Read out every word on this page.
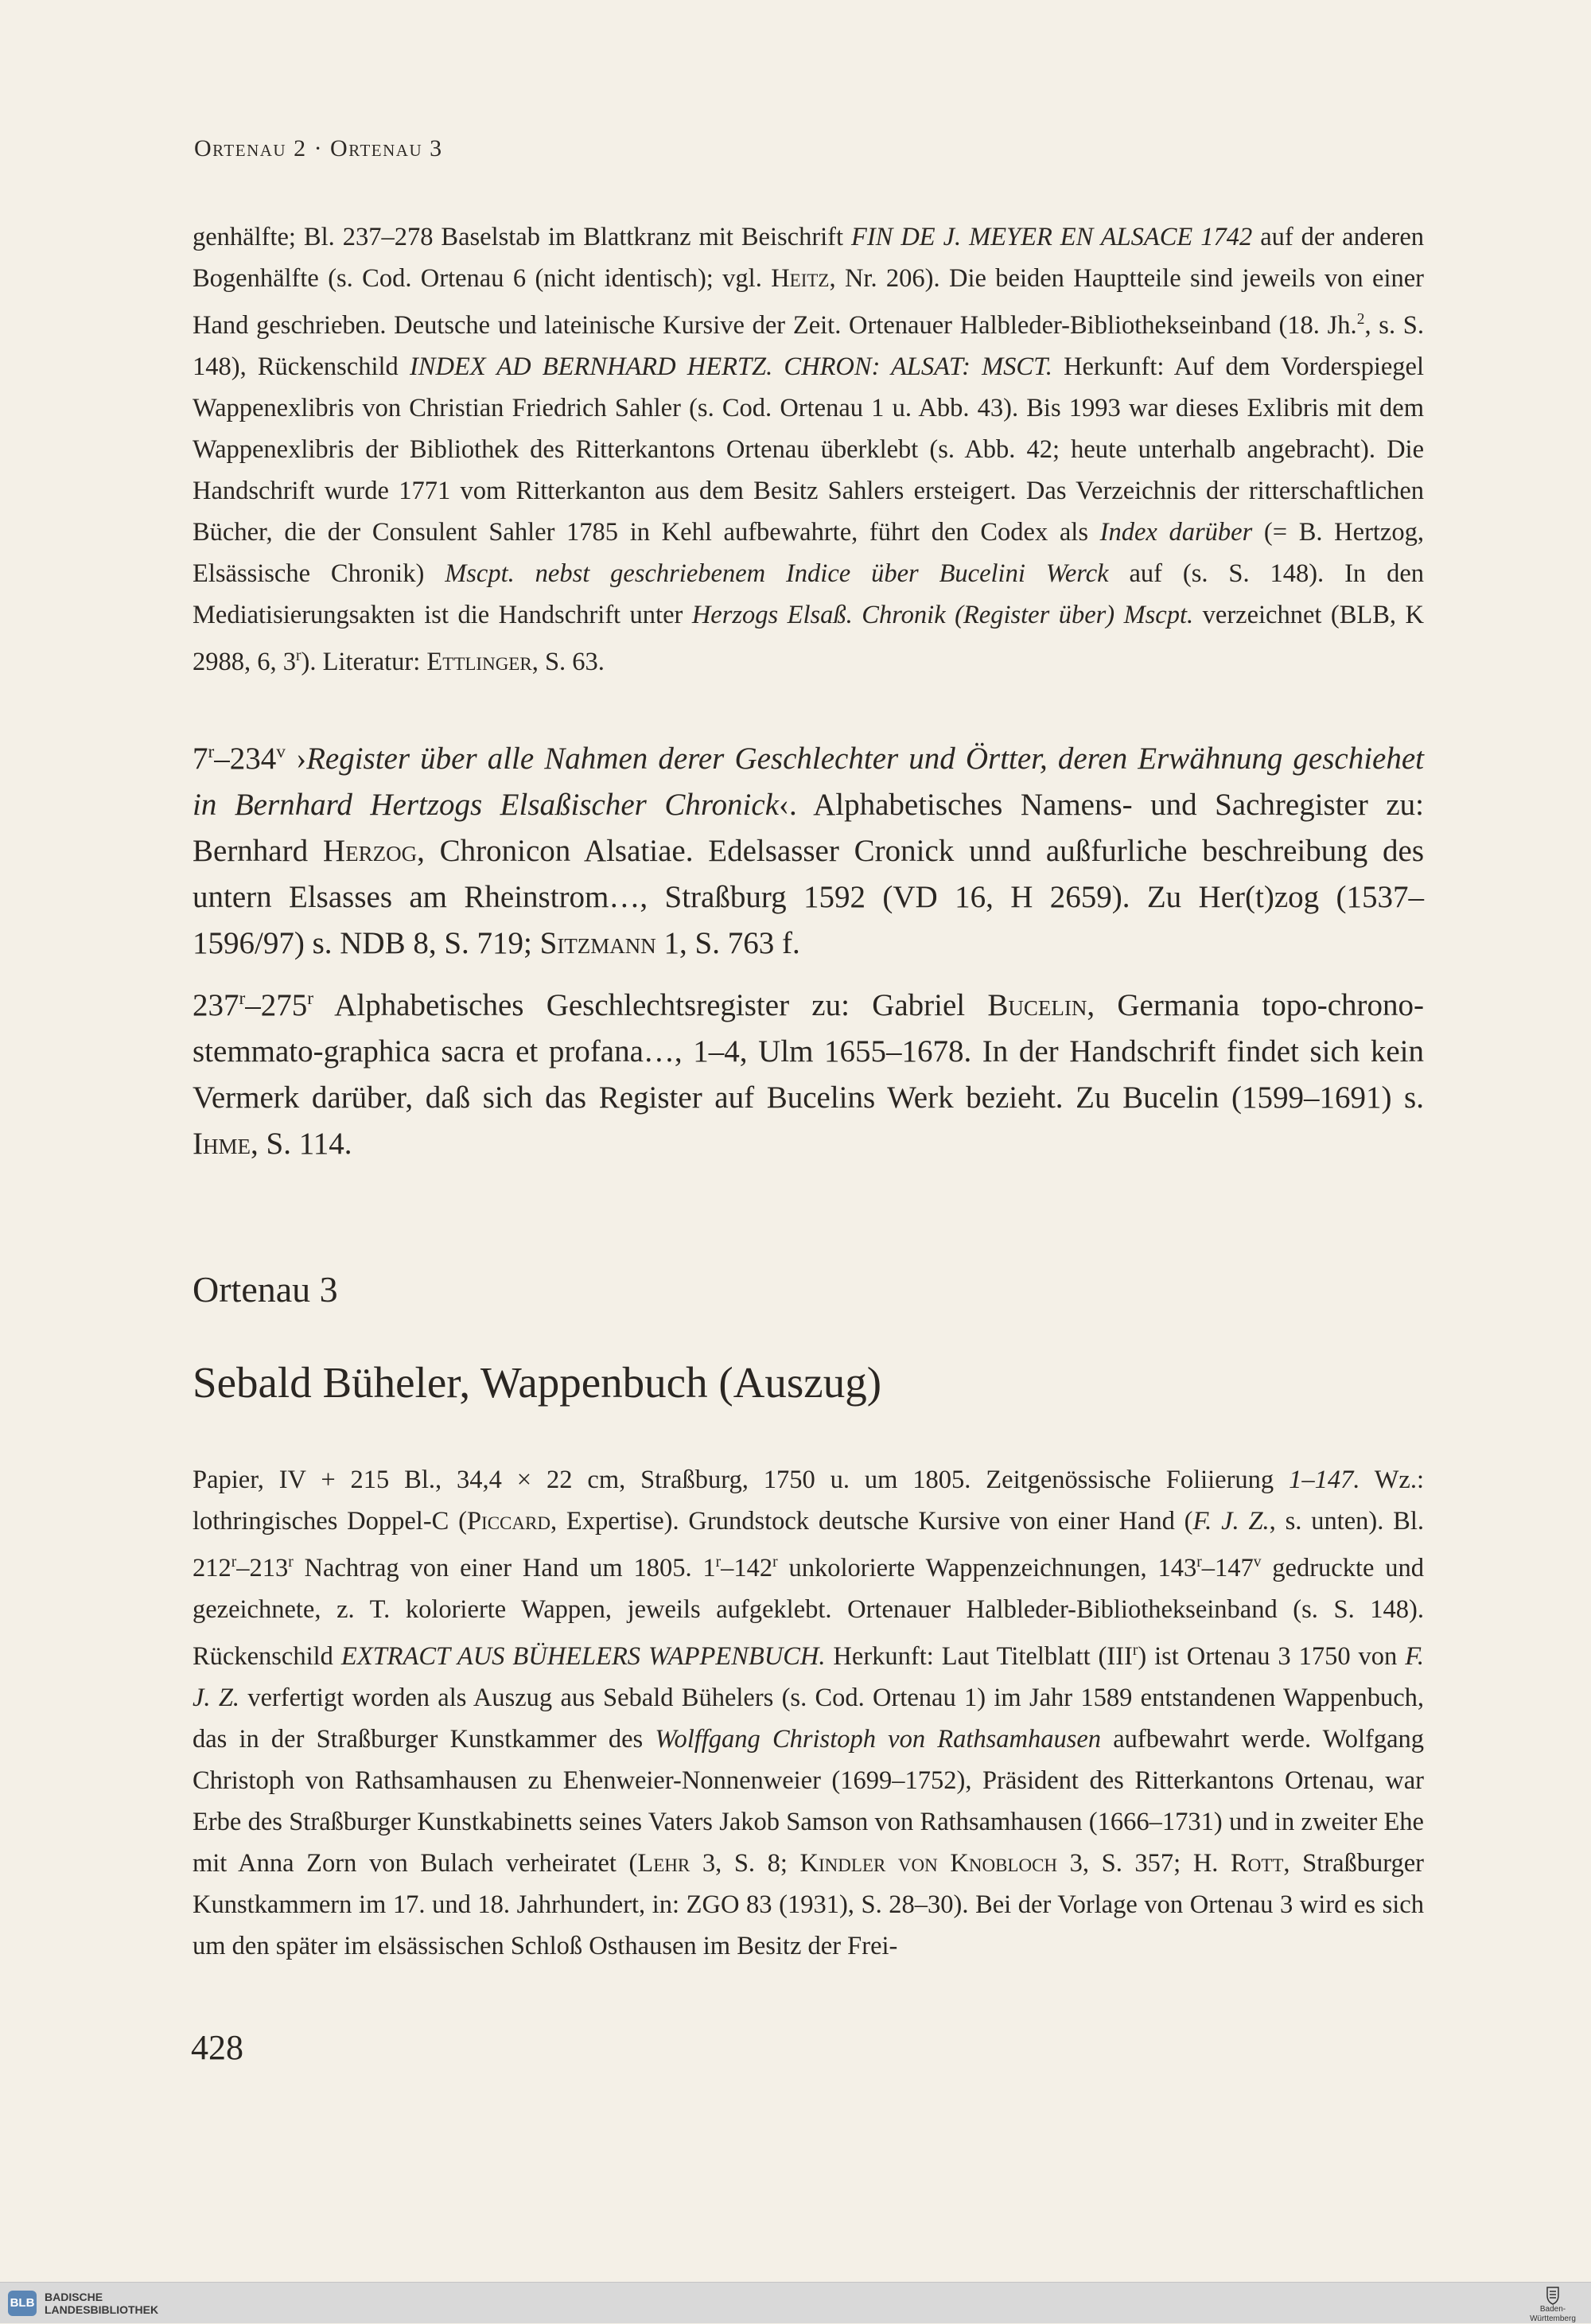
Ortenau 2 · Ortenau 3

genhälfte; Bl. 237–278 Baselstab im Blattkranz mit Beischrift FIN DE J. MEYER EN ALSACE 1742 auf der anderen Bogenhälfte (s. Cod. Ortenau 6 (nicht identisch); vgl. Heitz, Nr. 206). Die beiden Hauptteile sind jeweils von einer Hand geschrieben. Deutsche und lateinische Kursive der Zeit. Ortenauer Halbleder-Bibliothekseinband (18. Jh.$^2$, s. S. 148), Rückenschild INDEX AD BERNHARD HERTZ. CHRON: ALSAT: MSCT. Herkunft: Auf dem Vorderspiegel Wappenexlibris von Christian Friedrich Sahler (s. Cod. Ortenau 1 u. Abb. 43). Bis 1993 war dieses Exlibris mit dem Wappenexlibris der Bibliothek des Ritterkantons Ortenau überklebt (s. Abb. 42; heute unterhalb angebracht). Die Handschrift wurde 1771 vom Ritterkanton aus dem Besitz Sahlers ersteigert. Das Verzeichnis der ritterschaftlichen Bücher, die der Consulent Sahler 1785 in Kehl aufbewahrte, führt den Codex als Index darüber (= B. Hertzog, Elsässische Chronik) Mscpt. nebst geschriebenem Indice über Bucelini Werck auf (s. S. 148). In den Mediatisierungsakten ist die Handschrift unter Herzogs Elsaß. Chronik (Register über) Mscpt. verzeichnet (BLB, K 2988, 6, 3$^r$). Literatur: Ettlinger, S. 63.

7$^r$–234$^v$ ›Register über alle Nahmen derer Geschlechter und Örtter, deren Erwähnung geschiehet in Bernhard Hertzogs Elsaßischer Chronick‹. Alphabetisches Namens- und Sachregister zu: Bernhard Herzog, Chronicon Alsatiae. Edelsasser Cronick unnd außfurliche beschreibung des untern Elsasses am Rheinstrom…, Straßburg 1592 (VD 16, H 2659). Zu Her(t)zog (1537–1596/97) s. NDB 8, S. 719; Sitzmann 1, S. 763 f.

237$^r$–275$^r$ Alphabetisches Geschlechtsregister zu: Gabriel Bucelin, Germania topo-chrono-stemmato-graphica sacra et profana…, 1–4, Ulm 1655–1678. In der Handschrift findet sich kein Vermerk darüber, daß sich das Register auf Bucelins Werk bezieht. Zu Bucelin (1599–1691) s. Ihme, S. 114.

Ortenau 3
Sebald Büheler, Wappenbuch (Auszug)

Papier, IV + 215 Bl., 34,4 × 22 cm, Straßburg, 1750 u. um 1805. Zeitgenössische Foliierung 1–147. Wz.: lothringisches Doppel-C (Piccard, Expertise). Grundstock deutsche Kursive von einer Hand (F. J. Z., s. unten). Bl. 212$^r$–213$^r$ Nachtrag von einer Hand um 1805. 1$^r$–142$^r$ unkolorierte Wappenzeichnungen, 143$^r$–147$^v$ gedruckte und gezeichnete, z. T. kolorierte Wappen, jeweils aufgeklebt. Ortenauer Halbleder-Bibliothekseinband (s. S. 148). Rückenschild EXTRACT AUS BÜHELERS WAPPENBUCH. Herkunft: Laut Titelblatt (III$^r$) ist Ortenau 3 1750 von F. J. Z. verfertigt worden als Auszug aus Sebald Bühelers (s. Cod. Ortenau 1) im Jahr 1589 entstandenen Wappenbuch, das in der Straßburger Kunstkammer des Wolffgang Christoph von Rathsamhausen aufbewahrt werde. Wolfgang Christoph von Rathsamhausen zu Ehenweier-Nonnenweier (1699–1752), Präsident des Ritterkantons Ortenau, war Erbe des Straßburger Kunstkabinetts seines Vaters Jakob Samson von Rathsamhausen (1666–1731) und in zweiter Ehe mit Anna Zorn von Bulach verheiratet (Lehr 3, S. 8; Kindler von Knobloch 3, S. 357; H. Rott, Straßburger Kunstkammern im 17. und 18. Jahrhundert, in: ZGO 83 (1931), S. 28–30). Bei der Vorlage von Ortenau 3 wird es sich um den später im elsässischen Schloß Osthausen im Besitz der Frei-

428
BLB BADISCHE
LANDESBIBLIOTHEK	Baden-Württemberg
